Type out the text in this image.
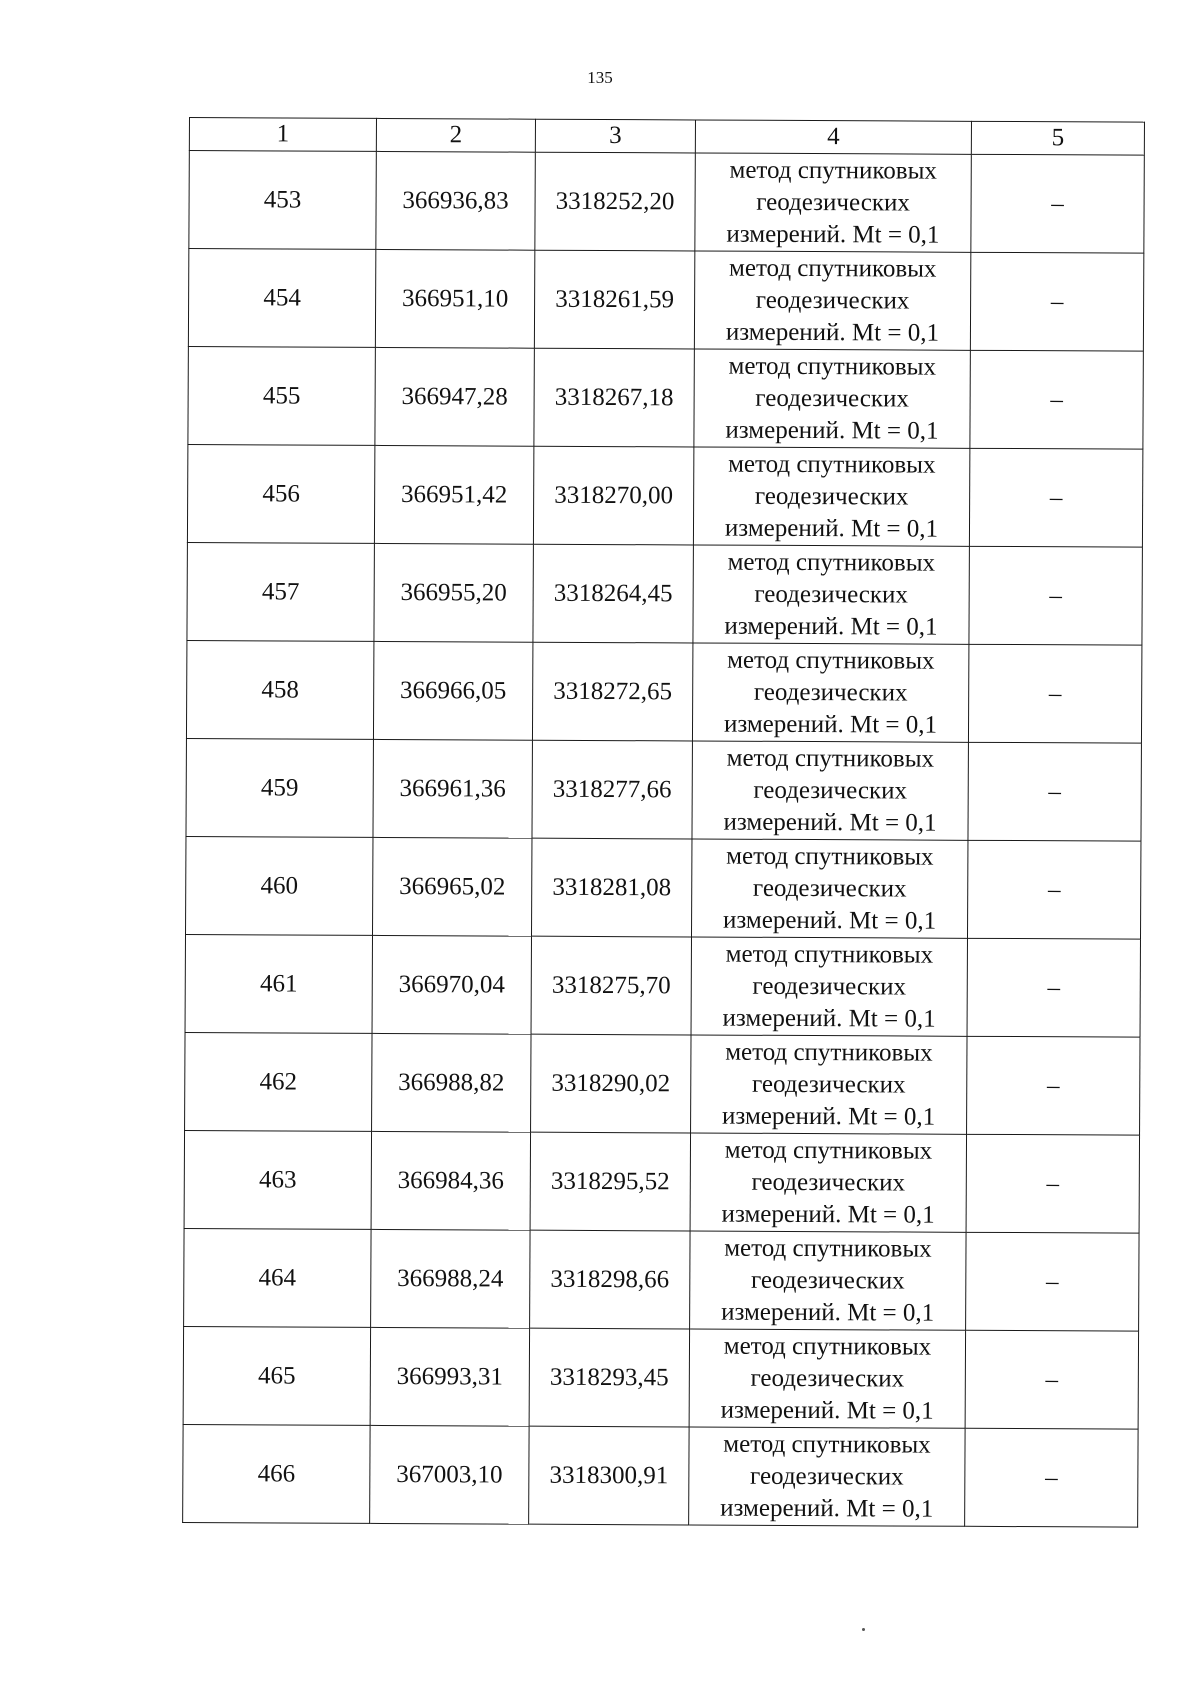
135
1	2	3	4	5
453	366936,83	3318252,20	метод спутниковых
геодезических
измерений. Mt = 0,1	–
454	366951,10	3318261,59	метод спутниковых
геодезических
измерений. Mt = 0,1	–
455	366947,28	3318267,18	метод спутниковых
геодезических
измерений. Mt = 0,1	–
456	366951,42	3318270,00	метод спутниковых
геодезических
измерений. Mt = 0,1	–
457	366955,20	3318264,45	метод спутниковых
геодезических
измерений. Mt = 0,1	–
458	366966,05	3318272,65	метод спутниковых
геодезических
измерений. Mt = 0,1	–
459	366961,36	3318277,66	метод спутниковых
геодезических
измерений. Mt = 0,1	–
460	366965,02	3318281,08	метод спутниковых
геодезических
измерений. Mt = 0,1	–
461	366970,04	3318275,70	метод спутниковых
геодезических
измерений. Mt = 0,1	–
462	366988,82	3318290,02	метод спутниковых
геодезических
измерений. Mt = 0,1	–
463	366984,36	3318295,52	метод спутниковых
геодезических
измерений. Mt = 0,1	–
464	366988,24	3318298,66	метод спутниковых
геодезических
измерений. Mt = 0,1	–
465	366993,31	3318293,45	метод спутниковых
геодезических
измерений. Mt = 0,1	–
466	367003,10	3318300,91	метод спутниковых
геодезических
измерений. Mt = 0,1	–
